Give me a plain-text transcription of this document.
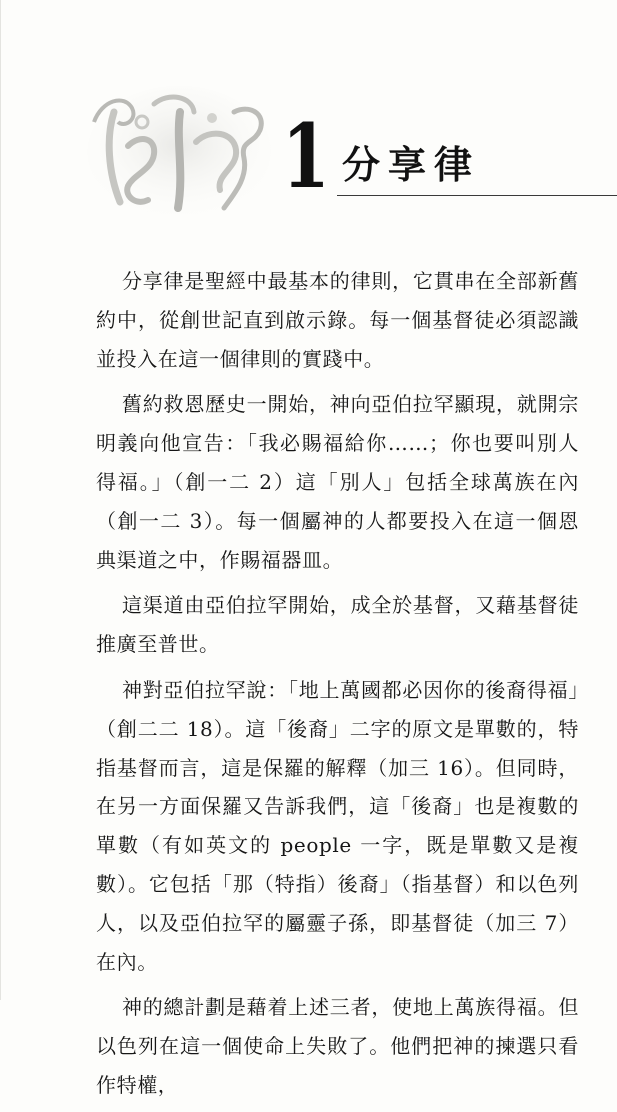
1 分享律

分享律是聖經中最基本的律則，它貫串在全部新舊約中，從創世記直到啟示錄。每一個基督徒必須認識並投入在這一個律則的實踐中。

舊約救恩歷史一開始，神向亞伯拉罕顯現，就開宗明義向他宣告：「我必賜福給你……；你也要叫別人得福。」（創一二 2）這「別人」包括全球萬族在內（創一二 3）。每一個屬神的人都要投入在這一個恩典渠道之中，作賜福器皿。

這渠道由亞伯拉罕開始，成全於基督，又藉基督徒推廣至普世。

神對亞伯拉罕說：「地上萬國都必因你的後裔得福」（創二二 18）。這「後裔」二字的原文是單數的，特指基督而言，這是保羅的解釋（加三 16）。但同時，在另一方面保羅又告訴我們，這「後裔」也是複數的單數（有如英文的 people 一字，既是單數又是複數）。它包括「那（特指）後裔」（指基督）和以色列人，以及亞伯拉罕的屬靈子孫，即基督徒（加三 7）在內。

神的總計劃是藉着上述三者，使地上萬族得福。但以色列在這一個使命上失敗了。他們把神的揀選只看作特權，
